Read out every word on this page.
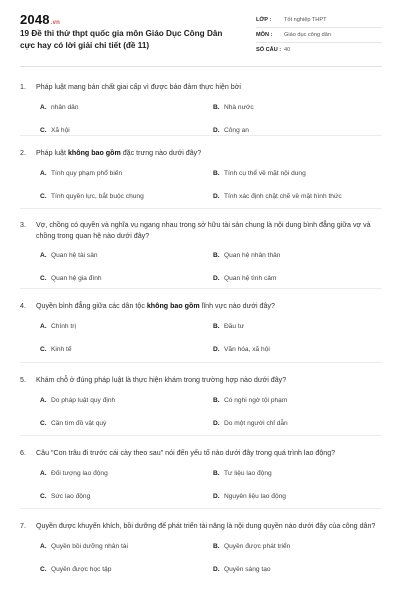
2048.vn
19 Đề thi thử thpt quốc gia môn Giáo Dục Công Dân cực hay có lời giải chi tiết (đề 11)
LỚP :	Tốt nghiệp THPT
MÔN :	Giáo dục công dân
SỐ CÂU : 40
1.	Pháp luật mang bản chất giai cấp vì được bảo đảm thực hiện bởi
A. nhân dân	B. Nhà nước
C. Xã hội	D. Công an
2.	Pháp luật không bao gồm đặc trưng nào dưới đây?
A. Tính quy phạm phổ biến	B. Tính cụ thể về mặt nội dung
C. Tính quyền lực, bắt buộc chung	D. Tính xác định chặt chẽ về mặt hình thức
3.	Vợ, chồng có quyền và nghĩa vụ ngang nhau trong sở hữu tài sản chung là nội dung bình đẳng giữa vợ và chồng trong quan hệ nào dưới đây?
A. Quan hệ tài sản	B. Quan hệ nhân thân
C. Quan hệ gia đình	D. Quan hệ tình cảm
4.	Quyền bình đẳng giữa các dân tộc không bao gồm lĩnh vực nào dưới đây?
A. Chính trị	B. Đầu tư
C. Kinh tế	D. Văn hóa, xã hội
5.	Khám chỗ ở đúng pháp luật là thực hiện khám trong trường hợp nào dưới đây?
A. Do pháp luật quy định	B. Có nghi ngờ tội phạm
C. Cần tìm đồ vật quý	D. Do một người chỉ dẫn
6.	Câu "Con trâu đi trước cái cày theo sau" nói đến yếu tố nào dưới đây trong quá trình lao động?
A. Đối tượng lao động	B. Tư liệu lao động
C. Sức lao động	D. Nguyên liệu lao động
7.	Quyền được khuyến khích, bồi dưỡng để phát triển tài năng là nội dung quyền nào dưới đây của công dân?
A. Quyền bồi dưỡng nhân tài	B. Quyền được phát triển
C. Quyền được học tập	D. Quyền sáng tạo
